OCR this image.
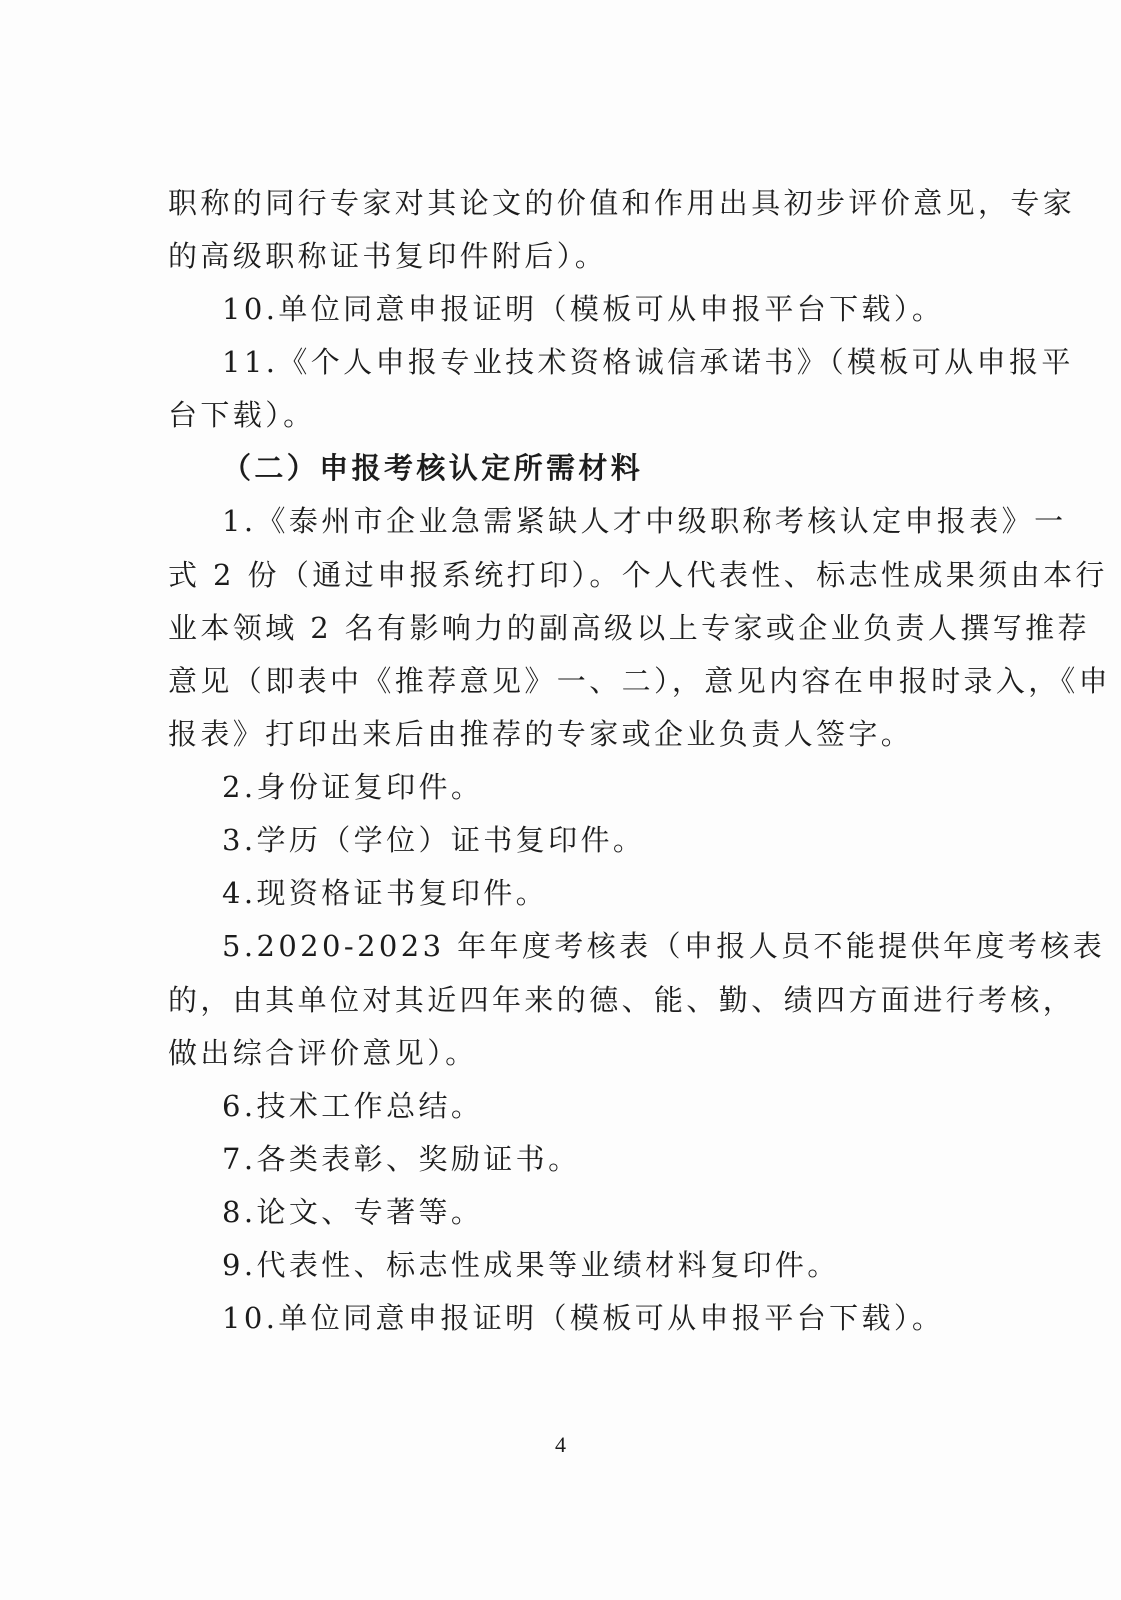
职称的同行专家对其论文的价值和作用出具初步评价意见，专家
的高级职称证书复印件附后）。
10.单位同意申报证明（模板可从申报平台下载）。
11.《个人申报专业技术资格诚信承诺书》（模板可从申报平
台下载）。
（二）申报考核认定所需材料
1.《泰州市企业急需紧缺人才中级职称考核认定申报表》一
式 2 份（通过申报系统打印）。个人代表性、标志性成果须由本行
业本领域 2 名有影响力的副高级以上专家或企业负责人撰写推荐
意见（即表中《推荐意见》一、二），意见内容在申报时录入，《申
报表》打印出来后由推荐的专家或企业负责人签字。
2.身份证复印件。
3.学历（学位）证书复印件。
4.现资格证书复印件。
5.2020-2023 年年度考核表（申报人员不能提供年度考核表
的，由其单位对其近四年来的德、能、勤、绩四方面进行考核，
做出综合评价意见）。
6.技术工作总结。
7.各类表彰、奖励证书。
8.论文、专著等。
9.代表性、标志性成果等业绩材料复印件。
10.单位同意申报证明（模板可从申报平台下载）。
4
